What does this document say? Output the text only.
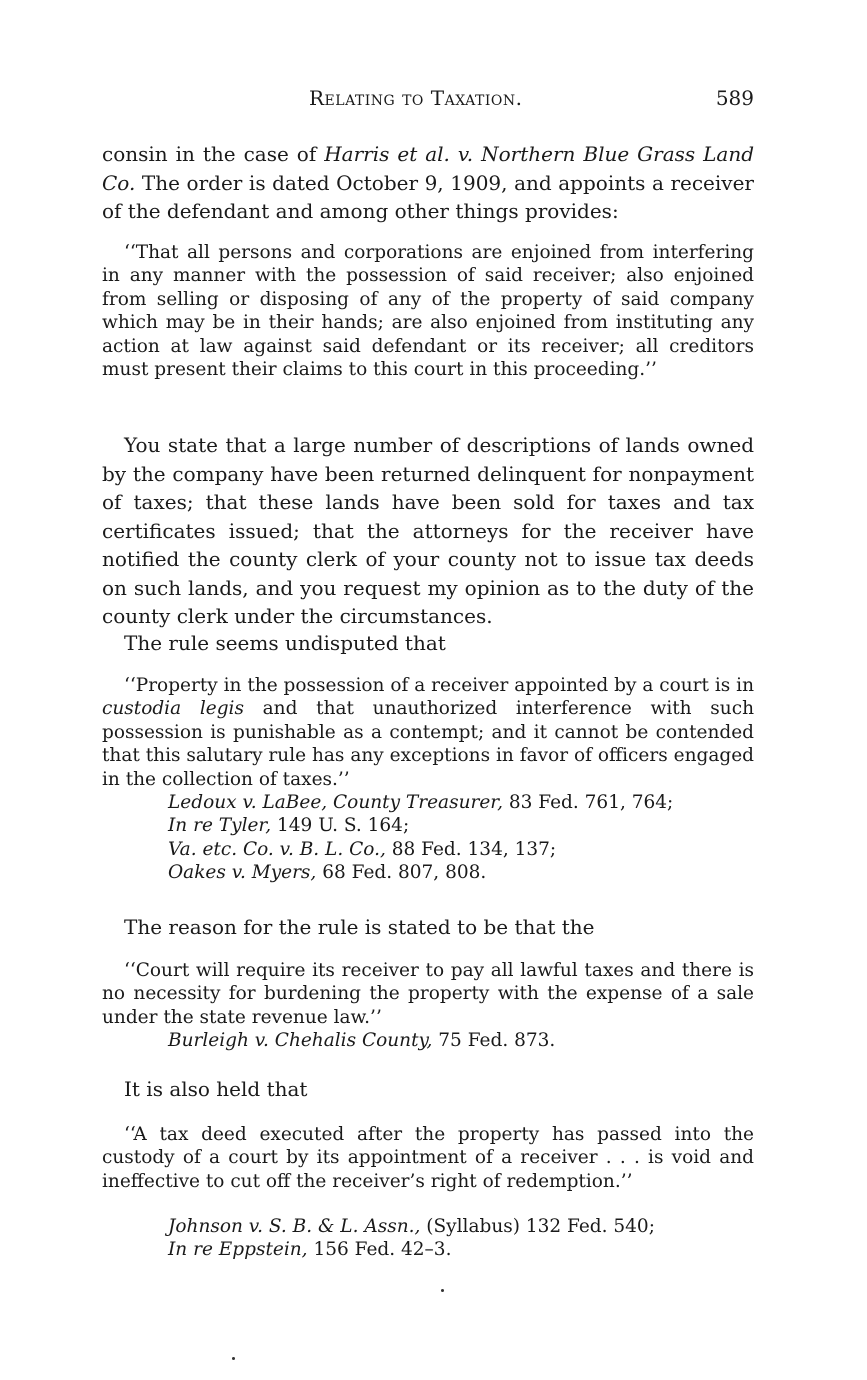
Relating to Taxation.	589
consin in the case of Harris et al. v. Northern Blue Grass Land Co. The order is dated October 9, 1909, and appoints a receiver of the defendant and among other things provides:
‘‘That all persons and corporations are enjoined from interfering in any manner with the possession of said receiver; also enjoined from selling or disposing of any of the property of said company which may be in their hands; are also enjoined from instituting any action at law against said defendant or its receiver; all creditors must present their claims to this court in this proceeding.’’
You state that a large number of descriptions of lands owned by the company have been returned delinquent for nonpayment of taxes; that these lands have been sold for taxes and tax certificates issued; that the attorneys for the receiver have notified the county clerk of your county not to issue tax deeds on such lands, and you request my opinion as to the duty of the county clerk under the circumstances.
The rule seems undisputed that
‘‘Property in the possession of a receiver appointed by a court is in custodia legis and that unauthorized interference with such possession is punishable as a contempt; and it cannot be contended that this salutary rule has any exceptions in favor of officers engaged in the collection of taxes.’’
Ledoux v. LaBee, County Treasurer, 83 Fed. 761, 764;
In re Tyler, 149 U. S. 164;
Va. etc. Co. v. B. L. Co., 88 Fed. 134, 137;
Oakes v. Myers, 68 Fed. 807, 808.
The reason for the rule is stated to be that the
‘‘Court will require its receiver to pay all lawful taxes and there is no necessity for burdening the property with the expense of a sale under the state revenue law.’’
Burleigh v. Chehalis County, 75 Fed. 873.
It is also held that
‘‘A tax deed executed after the property has passed into the custody of a court by its appointment of a receiver . . . is void and ineffective to cut off the receiver’s right of redemption.’’
Johnson v. S. B. & L. Assn., (Syllabus) 132 Fed. 540;
In re Eppstein, 156 Fed. 42–3.
